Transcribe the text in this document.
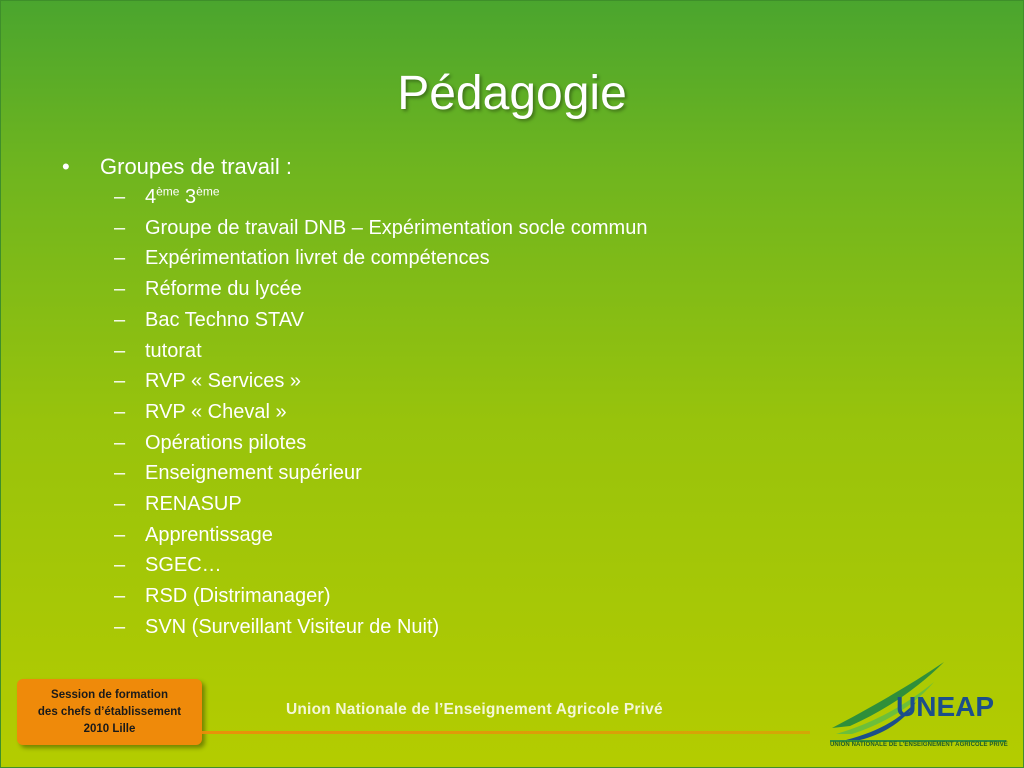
Pédagogie
•	Groupes de travail :
– 4ème 3ème
– Groupe de travail DNB – Expérimentation socle commun
– Expérimentation livret de compétences
– Réforme du lycée
– Bac Techno STAV
– tutorat
– RVP « Services »
– RVP « Cheval »
– Opérations pilotes
– Enseignement supérieur
– RENASUP
– Apprentissage
– SGEC…
– RSD (Distrimanager)
– SVN (Surveillant Visiteur de Nuit)
Session de formation
des chefs d’établissement
2010 Lille
Union Nationale de l’Enseignement Agricole Privé	UNEAP
UNION NATIONALE DE L'ENSEIGNEMENT AGRICOLE PRIVÉ
